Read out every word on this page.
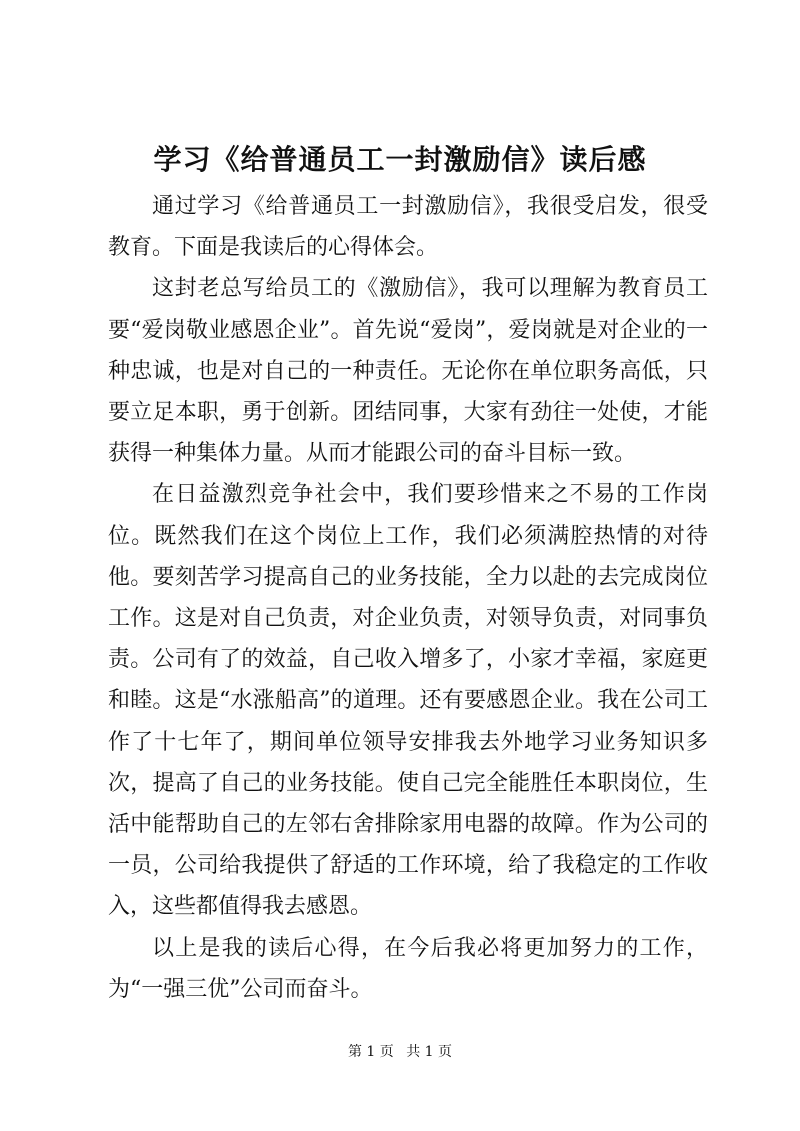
学习《给普通员工一封激励信》读后感

通过学习《给普通员工一封激励信》，我很受启发，很受教育。下面是我读后的心得体会。

这封老总写给员工的《激励信》，我可以理解为教育员工要“爱岗敬业感恩企业”。首先说“爱岗”，爱岗就是对企业的一种忠诚，也是对自己的一种责任。无论你在单位职务高低，只要立足本职，勇于创新。团结同事，大家有劲往一处使，才能获得一种集体力量。从而才能跟公司的奋斗目标一致。

在日益激烈竞争社会中，我们要珍惜来之不易的工作岗位。既然我们在这个岗位上工作，我们必须满腔热情的对待他。要刻苦学习提高自己的业务技能，全力以赴的去完成岗位工作。这是对自己负责，对企业负责，对领导负责，对同事负责。公司有了的效益，自己收入增多了，小家才幸福，家庭更和睦。这是“水涨船高”的道理。还有要感恩企业。我在公司工作了十七年了，期间单位领导安排我去外地学习业务知识多次，提高了自己的业务技能。使自己完全能胜任本职岗位，生活中能帮助自己的左邻右舍排除家用电器的故障。作为公司的一员，公司给我提供了舒适的工作环境，给了我稳定的工作收入，这些都值得我去感恩。

以上是我的读后心得，在今后我必将更加努力的工作，为“一强三优”公司而奋斗。

第 1 页 共 1 页
